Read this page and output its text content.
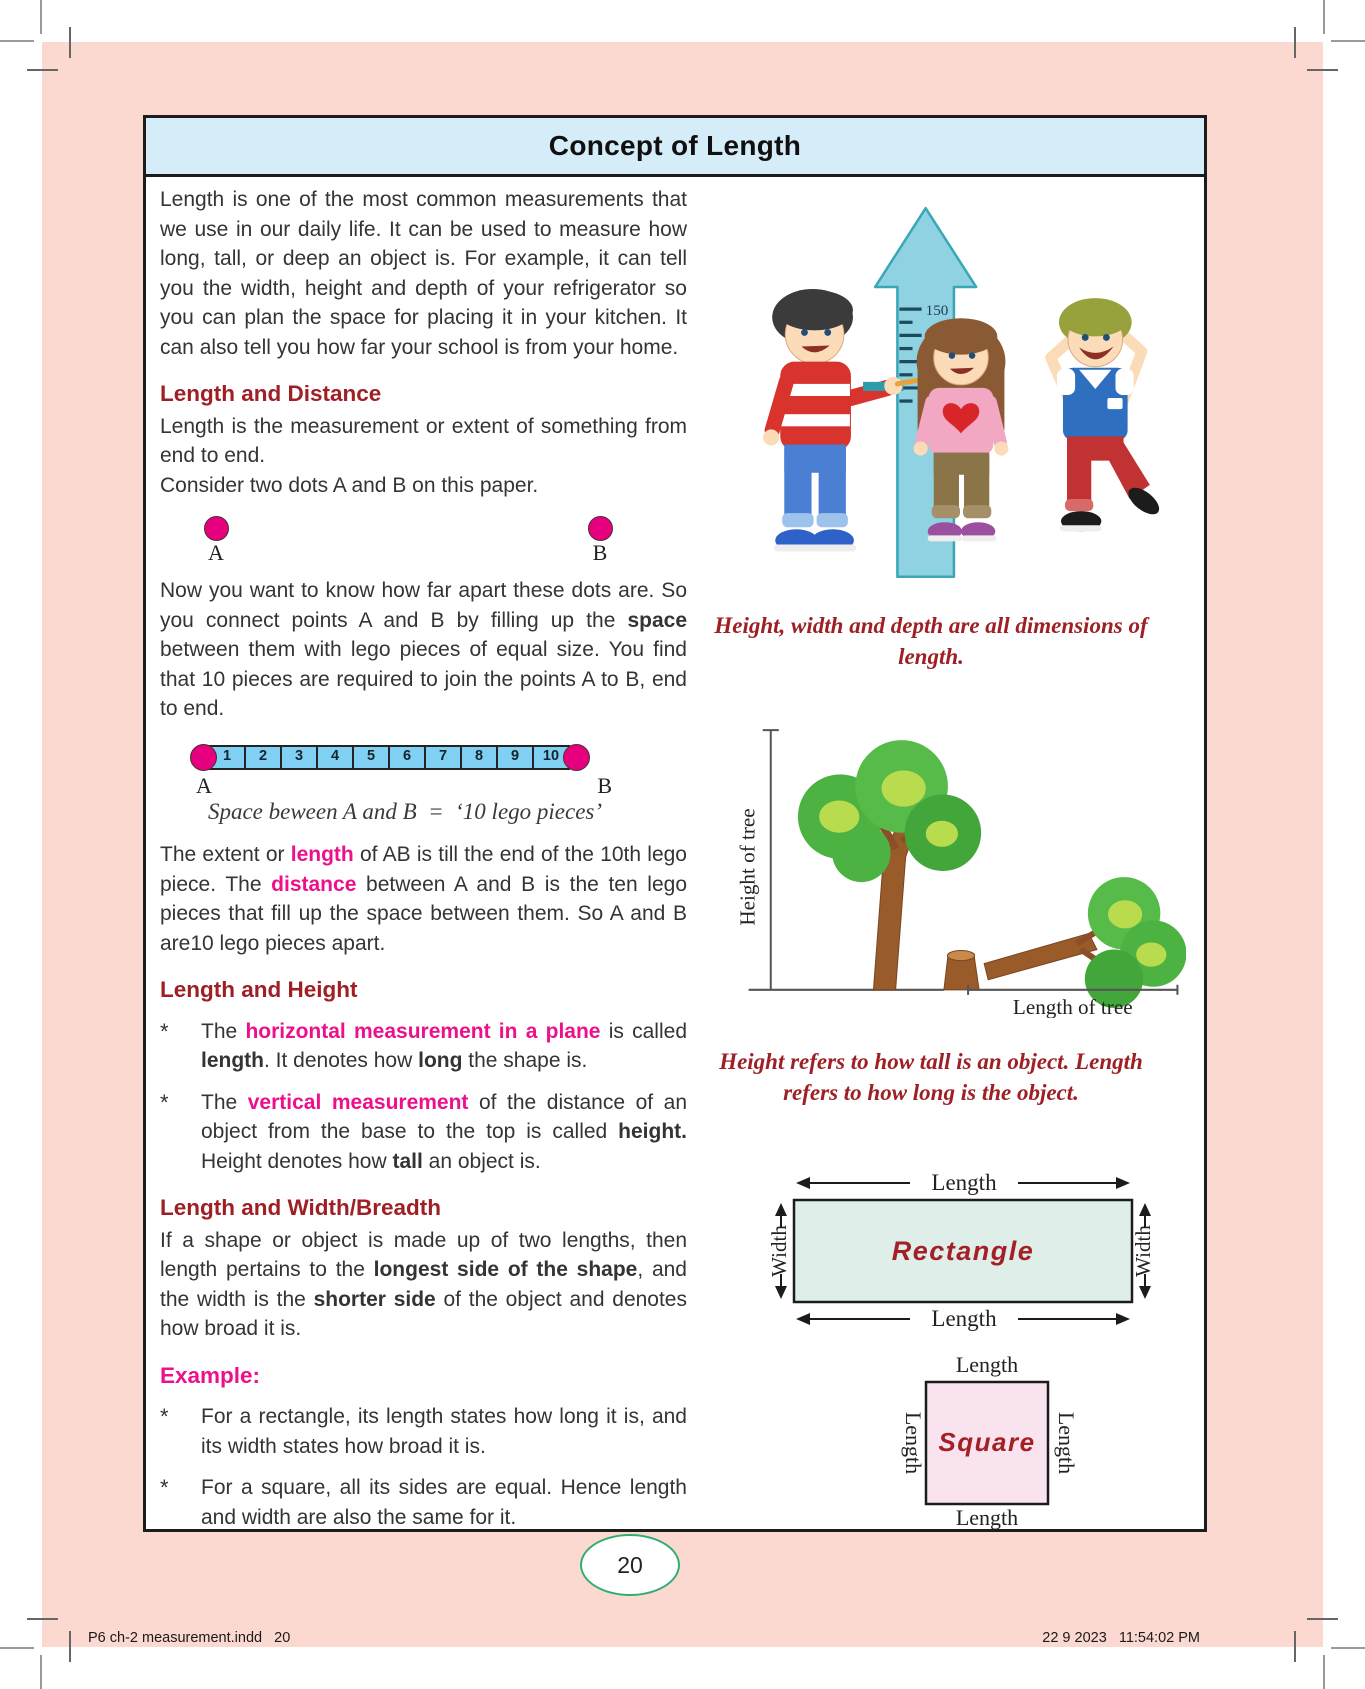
Concept of Length

Length is one of the most common measurements that we use in our daily life. It can be used to measure how long, tall, or deep an object is. For example, it can tell you the width, height and depth of your refrigerator so you can plan the space for placing it in your kitchen. It can also tell you how far your school is from your home.

Length and Distance

Length is the measurement or extent of something from end to end.

Consider two dots A and B on this paper.

A	B

Now you want to know how far apart these dots are. So you connect points A and B by filling up the space between them with lego pieces of equal size. You find that 10 pieces are required to join the points A to B, end to end.

1	2	3	4	5	6	7	8	9	10
A	B
Space beween A and B  =  ‘10 lego pieces’

The extent or length of AB is till the end of the 10th lego piece. The distance between A and B is the ten lego pieces that fill up the space between them. So A and B are10 lego pieces apart.

Length and Height
*	The horizontal measurement in a plane is called length. It denotes how long the shape is.
*	The vertical measurement of the distance of an object from the base to the top is called height. Height denotes how tall an object is.
Length and Width/Breadth

If a shape or object is made up of two lengths, then length pertains to the longest side of the shape, and the width is the shorter side of the object and denotes how broad it is.

Example:
*	For a rectangle, its length states how long it is, and its width states how broad it is.
*	For a square, all its sides are equal. Hence length and width are also the same for it.
150
Height, width and depth are all dimensions of length.
Height of tree
Length of tree
Height refers to how tall is an object. Length refers to how long is the object.
Length
Length
Width	Width
Rectangle
Length
Length
Length	Length
Square
20
P6 ch-2 measurement.indd   20	22 9 2023   11:54:02 PM
